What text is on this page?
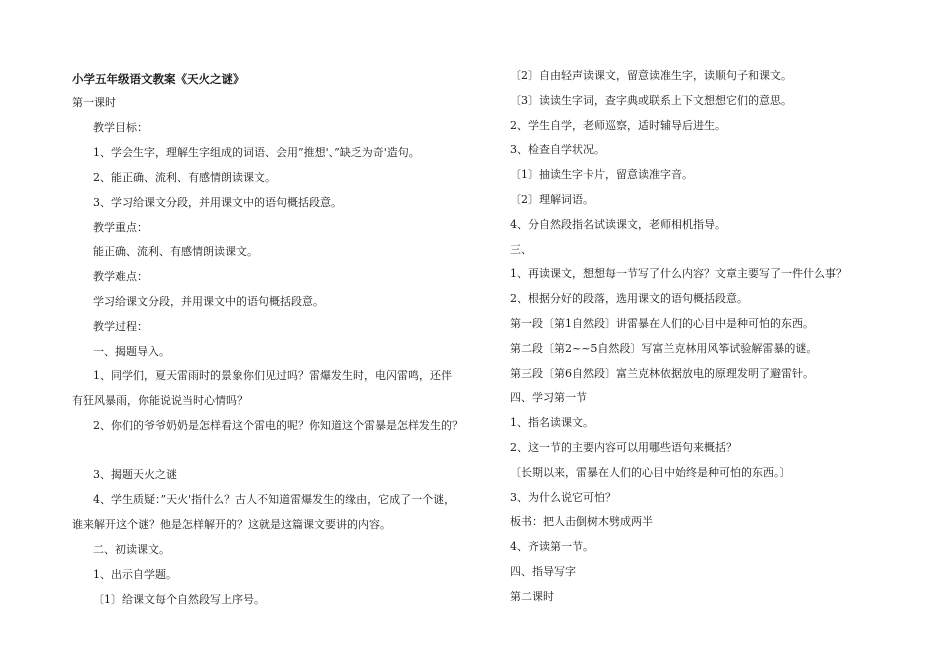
小学五年级语文教案《天火之谜》
第一课时
教学目标：
1、学会生字，理解生字组成的词语、会用”推想'、”缺乏为奇'造句。
2、能正确、流利、有感情朗读课文。
3、学习给课文分段，并用课文中的语句概括段意。
教学重点：
能正确、流利、有感情朗读课文。
教学难点：
学习给课文分段，并用课文中的语句概括段意。
教学过程：
一、揭题导入。
1、同学们，夏天雷雨时的景象你们见过吗？雷爆发生时，电闪雷鸣，还伴
有狂风暴雨，你能说说当时心情吗？
2、你们的爷爷奶奶是怎样看这个雷电的呢？你知道这个雷暴是怎样发生的？
3、揭题天火之谜
4、学生质疑：”天火'指什么？古人不知道雷爆发生的缘由，它成了一个谜，
谁来解开这个谜？他是怎样解开的？这就是这篇课文要讲的内容。
二、初读课文。
1、出示自学题。
〔1〕给课文每个自然段写上序号。
〔2〕自由轻声读课文，留意读准生字，读顺句子和课文。
〔3〕读读生字词，查字典或联系上下文想想它们的意思。
2、学生自学，老师巡察，适时辅导后进生。
3、检查自学状况。
〔1〕抽读生字卡片，留意读准字音。
〔2〕理解词语。
4、分自然段指名试读课文，老师相机指导。
三、
1、再读课文，想想每一节写了什么内容？文章主要写了一件什么事？
2、根据分好的段落，选用课文的语句概括段意。
第一段〔第1自然段〕讲雷暴在人们的心目中是种可怕的东西。
第二段〔第2~~5自然段〕写富兰克林用风筝试验解雷暴的谜。
第三段〔第6自然段〕富兰克林依据放电的原理发明了避雷针。
四、学习第一节
1、指名读课文。
2、这一节的主要内容可以用哪些语句来概括？
〔长期以来，雷暴在人们的心目中始终是种可怕的东西。〕
3、为什么说它可怕？
板书：把人击倒树木劈成两半
4、齐读第一节。
四、指导写字
第二课时
